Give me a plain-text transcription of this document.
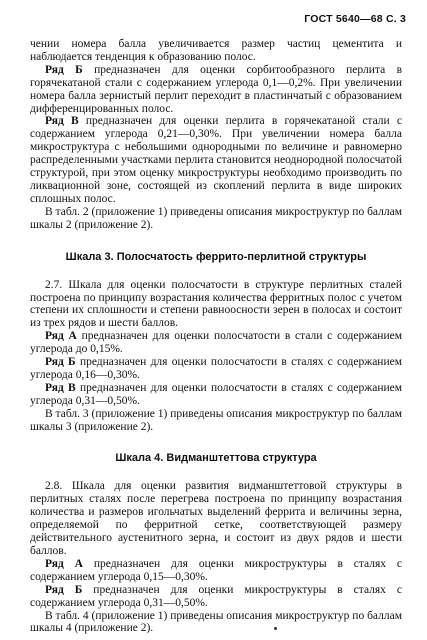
ГОСТ 5640—68 С. 3

чении номера балла увеличивается размер частиц цементита и наблюдается тенденция к образованию полос.

Ряд Б предназначен для оценки сорбитообразного перлита в горячекатаной стали с содержанием углерода 0,1—0,2%. При увеличении номера балла зернистый перлит переходит в пластинчатый с образованием дифференцированных полос.

Ряд В предназначен для оценки перлита в горячекатаной стали с содержанием углерода 0,21—0,30%. При увеличении номера балла микроструктура с небольшими однородными по величине и равномерно распределенными участками перлита становится неоднородной полосчатой структурой, при этом оценку микроструктуры необходимо производить по ликвационной зоне, состоящей из скоплений перлита в виде широких сплошных полос.

В табл. 2 (приложение 1) приведены описания микроструктур по баллам шкалы 2 (приложение 2).

Шкала 3. Полосчатость феррито-перлитной структуры

2.7. Шкала для оценки полосчатости в структуре перлитных сталей построена по принципу возрастания количества ферритных полос с учетом степени их сплошности и степени равноосности зерен в полосах и состоит из трех рядов и шести баллов.

Ряд А предназначен для оценки полосчатости в стали с содержанием углерода до 0,15%.

Ряд Б предназначен для оценки полосчатости в сталях с содержанием углерода 0,16—0,30%.

Ряд В предназначен для оценки полосчатости в сталях с содержанием углерода 0,31—0,50%.

В табл. 3 (приложение 1) приведены описания микроструктур по баллам шкалы 3 (приложение 2).

Шкала 4. Видманштеттова структура

2.8. Шкала для оценки развития видманштеттовой структуры в перлитных сталях после перегрева построена по принципу возрастания количества и размеров игольчатых выделений феррита и величины зерна, определяемой по ферритной сетке, соответствующей размеру действительного аустенитного зерна, и состоит из двух рядов и шести баллов.

Ряд А предназначен для оценки микроструктуры в сталях с содержанием углерода 0,15—0,30%.

Ряд Б предназначен для оценки микроструктуры в сталях с содержанием углерода 0,31—0,50%.

В табл. 4 (приложение 1) приведены описания микроструктур по баллам шкалы 4 (приложение 2).
